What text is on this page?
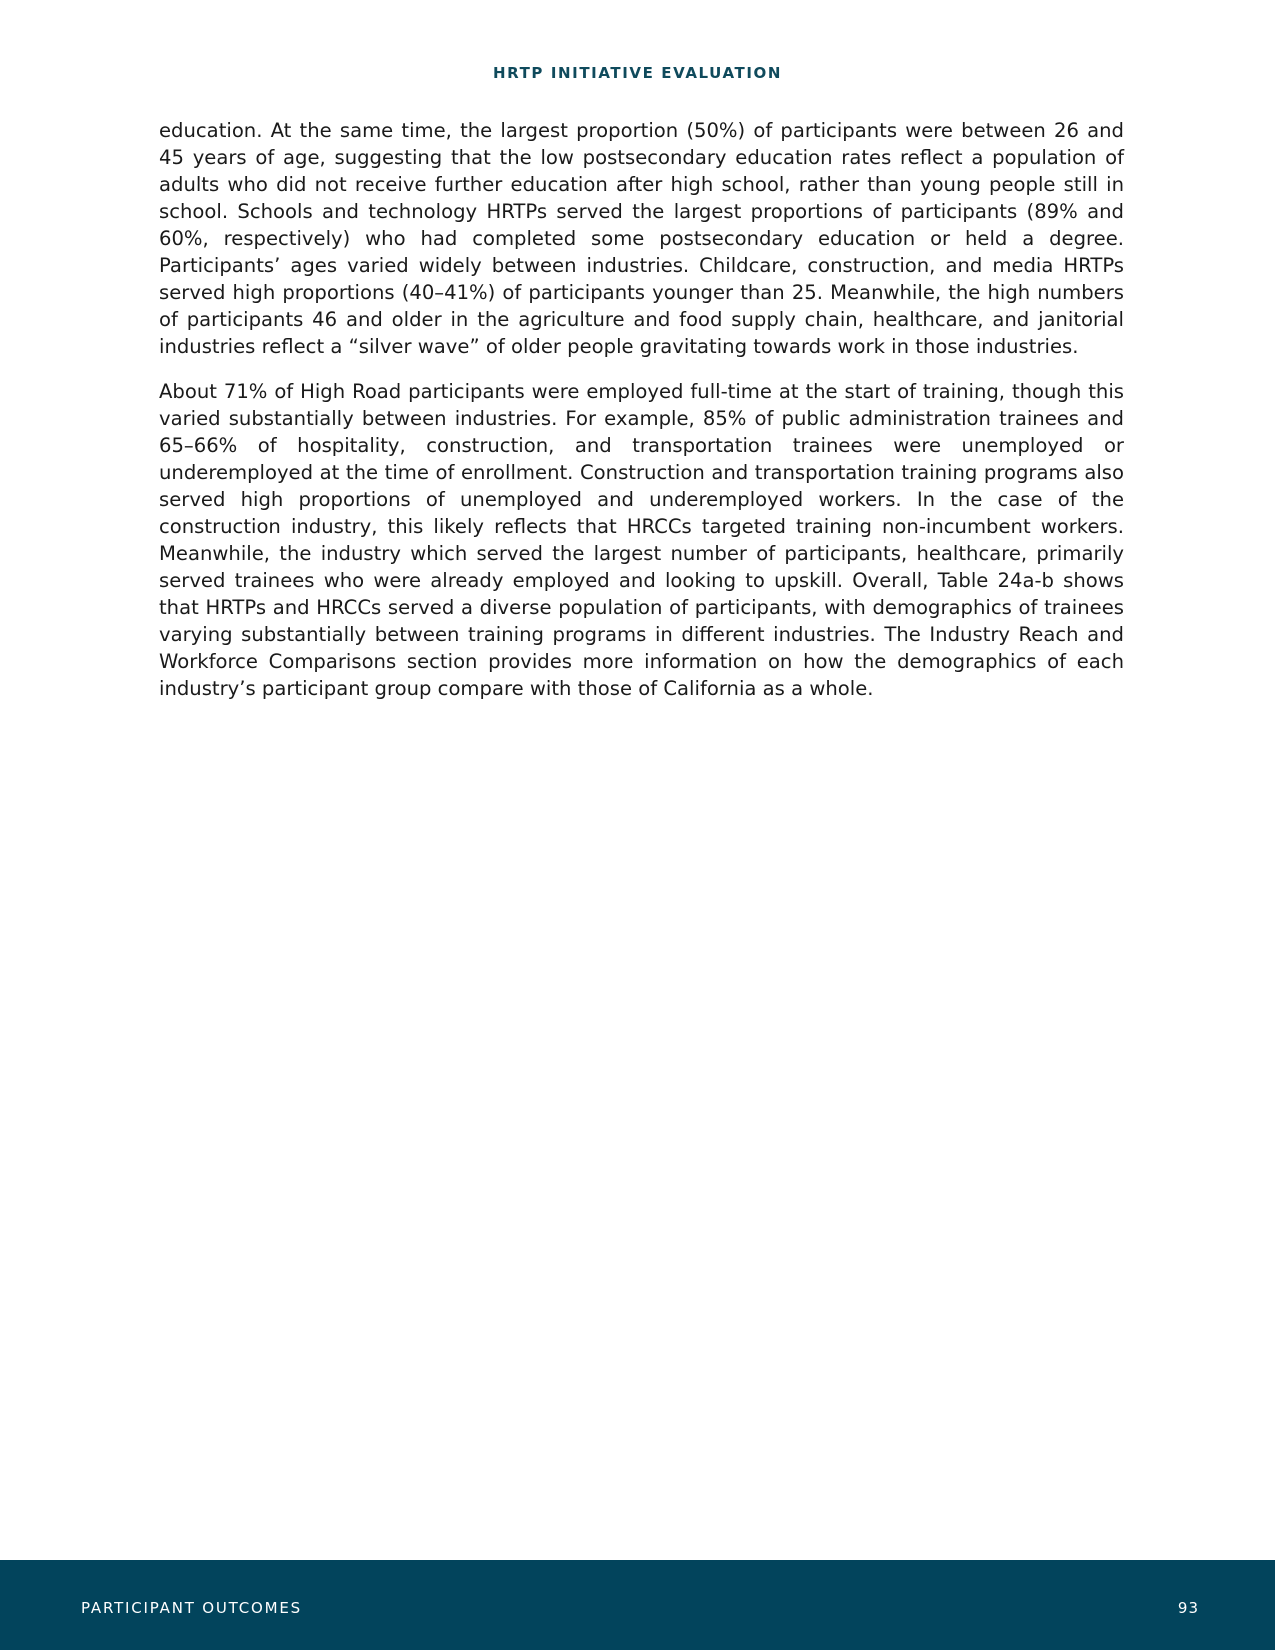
HRTP INITIATIVE EVALUATION

education. At the same time, the largest proportion (50%) of participants were between 26 and 45 years of age, suggesting that the low postsecondary education rates reflect a population of adults who did not receive further education after high school, rather than young people still in school. Schools and technology HRTPs served the largest proportions of participants (89% and 60%, respectively) who had completed some postsecondary education or held a degree. Participants’ ages varied widely between industries. Childcare, construction, and media HRTPs served high proportions (40–41%) of participants younger than 25. Meanwhile, the high numbers of participants 46 and older in the agriculture and food supply chain, healthcare, and janitorial industries reflect a “silver wave” of older people gravitating towards work in those industries.

About 71% of High Road participants were employed full-time at the start of training, though this varied substantially between industries. For example, 85% of public administration trainees and 65–66% of hospitality, construction, and transportation trainees were unemployed or underemployed at the time of enrollment. Construction and transportation training programs also served high proportions of unemployed and underemployed workers. In the case of the construction industry, this likely reflects that HRCCs targeted training non-incumbent workers. Meanwhile, the industry which served the largest number of participants, healthcare, primarily served trainees who were already employed and looking to upskill. Overall, Table 24a-b shows that HRTPs and HRCCs served a diverse population of participants, with demographics of trainees varying substantially between training programs in different industries. The Industry Reach and Workforce Comparisons section provides more information on how the demographics of each industry’s participant group compare with those of California as a whole.

PARTICIPANT OUTCOMES	93
